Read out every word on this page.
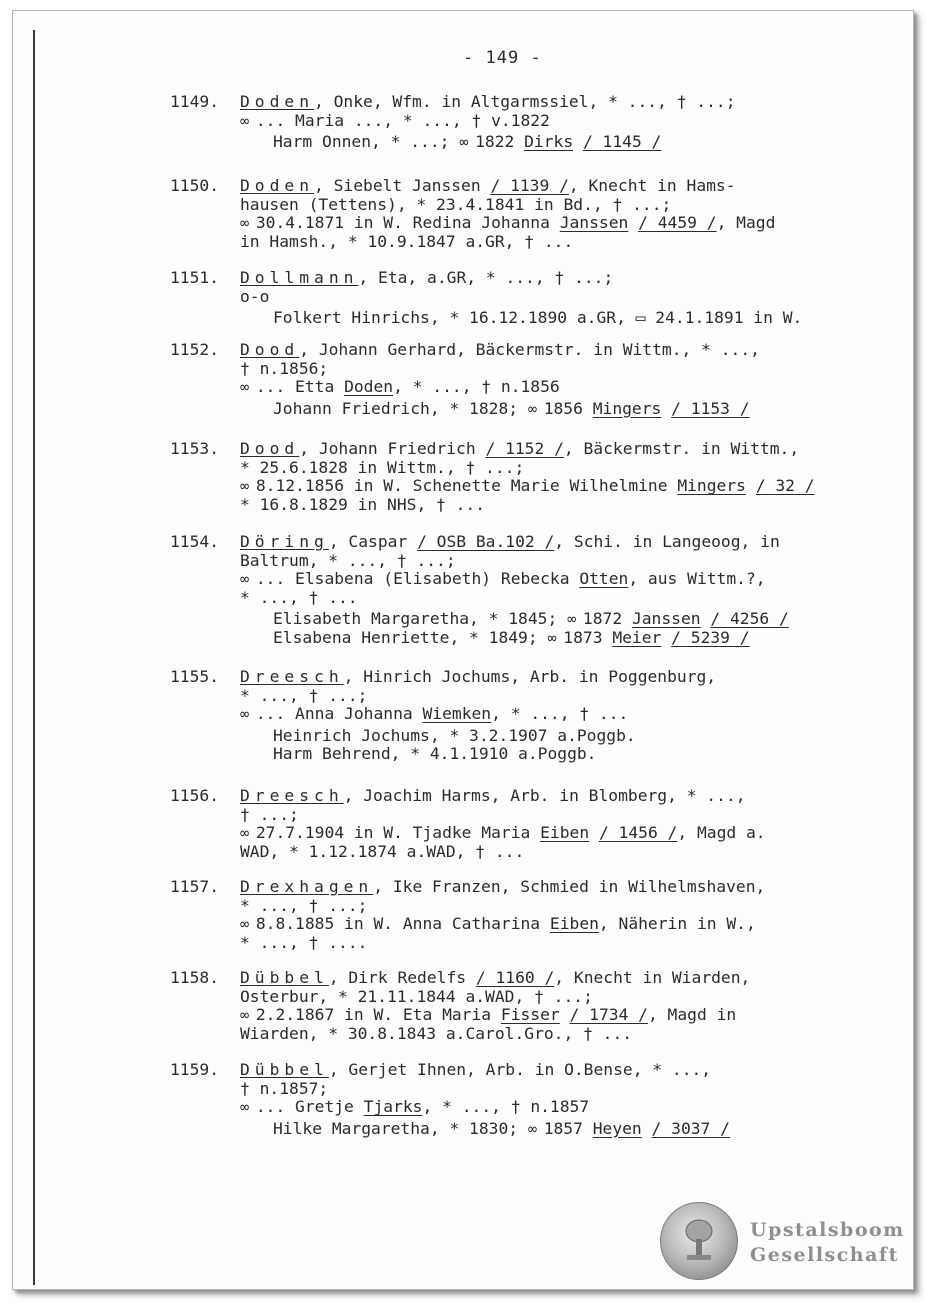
- 149 -
1149.	Doden, Onke, Wfm. in Altgarmssiel, * ..., † ...;
∞ ... Maria ..., * ..., † v.1822
Harm Onnen, * ...; ∞ 1822 Dirks / 1145 /
1150.	Doden, Siebelt Janssen / 1139 /, Knecht in Hams-
hausen (Tettens), * 23.4.1841 in Bd., † ...;
∞ 30.4.1871 in W. Redina Johanna Janssen / 4459 /, Magd
in Hamsh., * 10.9.1847 a.GR, † ...
1151.	Dollmann, Eta, a.GR, * ..., † ...;
o-o
Folkert Hinrichs, * 16.12.1890 a.GR, ▭ 24.1.1891 in W.
1152.	Dood, Johann Gerhard, Bäckermstr. in Wittm., * ...,
† n.1856;
∞ ... Etta Doden, * ..., † n.1856
Johann Friedrich, * 1828; ∞ 1856 Mingers / 1153 /
1153.	Dood, Johann Friedrich / 1152 /, Bäckermstr. in Wittm.,
* 25.6.1828 in Wittm., † ...;
∞ 8.12.1856 in W. Schenette Marie Wilhelmine Mingers / 32 /
* 16.8.1829 in NHS, † ...
1154.	Döring, Caspar / OSB Ba.102 /, Schi. in Langeoog, in
Baltrum, * ..., † ...;
∞ ... Elsabena (Elisabeth) Rebecka Otten, aus Wittm.?,
* ..., † ...
Elisabeth Margaretha, * 1845; ∞ 1872 Janssen / 4256 /
Elsabena Henriette, * 1849; ∞ 1873 Meier / 5239 /
1155.	Dreesch, Hinrich Jochums, Arb. in Poggenburg,
* ..., † ...;
∞ ... Anna Johanna Wiemken, * ..., † ...
Heinrich Jochums, * 3.2.1907 a.Poggb.
Harm Behrend, * 4.1.1910 a.Poggb.
1156.	Dreesch, Joachim Harms, Arb. in Blomberg, * ...,
† ...;
∞ 27.7.1904 in W. Tjadke Maria Eiben / 1456 /, Magd a.
WAD, * 1.12.1874 a.WAD, † ...
1157.	Drexhagen, Ike Franzen, Schmied in Wilhelmshaven,
* ..., † ...;
∞ 8.8.1885 in W. Anna Catharina Eiben, Näherin in W.,
* ..., † ....
1158.	Dübbel, Dirk Redelfs / 1160 /, Knecht in Wiarden,
Osterbur, * 21.11.1844 a.WAD, † ...;
∞ 2.2.1867 in W. Eta Maria Fisser / 1734 /, Magd in
Wiarden, * 30.8.1843 a.Carol.Gro., † ...
1159.	Dübbel, Gerjet Ihnen, Arb. in O.Bense, * ...,
† n.1857;
∞ ... Gretje Tjarks, * ..., † n.1857
Hilke Margaretha, * 1830; ∞ 1857 Heyen / 3037 /
Upstalsboom
Gesellschaft
